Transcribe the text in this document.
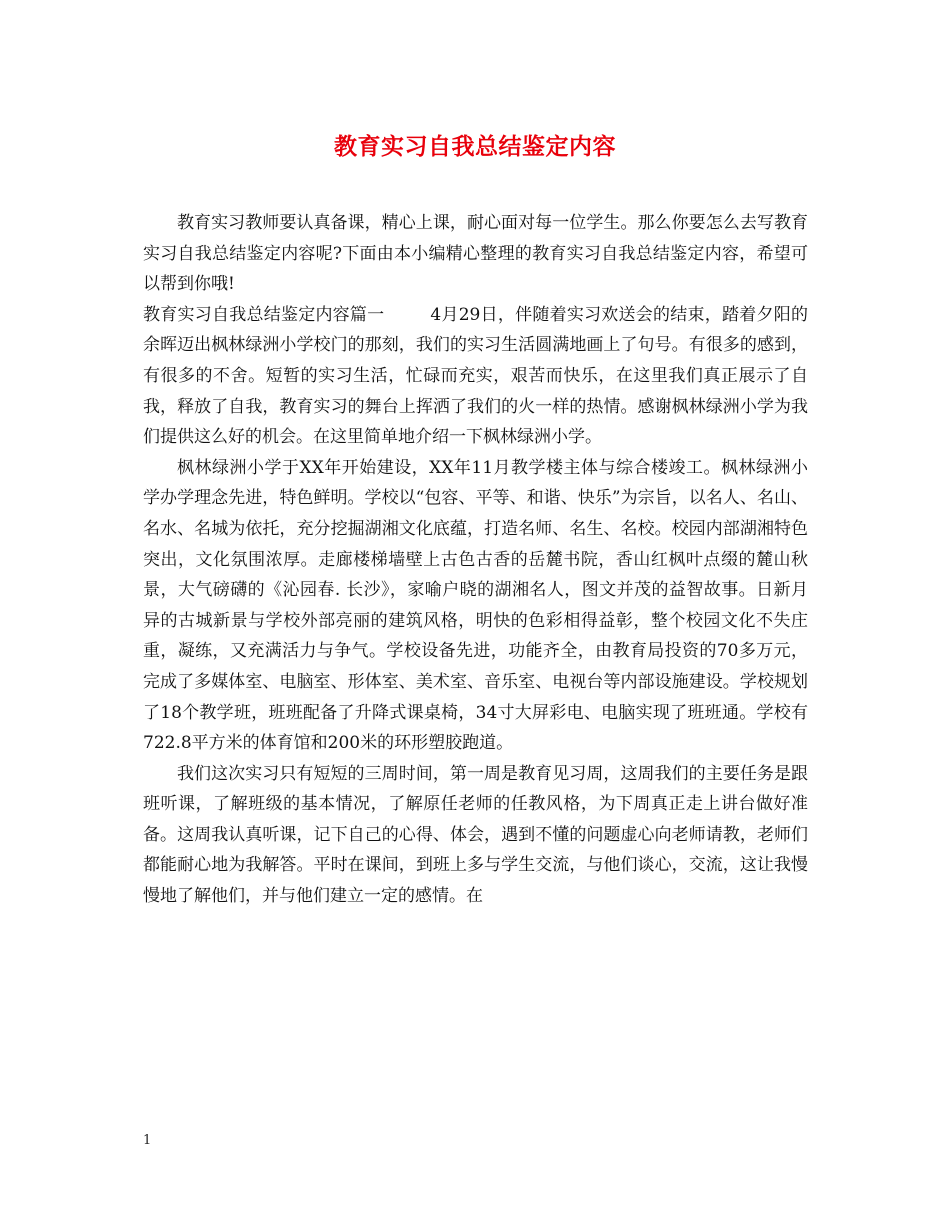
教育实习自我总结鉴定内容

教育实习教师要认真备课，精心上课，耐心面对每一位学生。那么你要怎么去写教育实习自我总结鉴定内容呢?下面由本小编精心整理的教育实习自我总结鉴定内容，希望可以帮到你哦!

教育实习自我总结鉴定内容篇一	4月29日，伴随着实习欢送会的结束，踏着夕阳的余晖迈出枫林绿洲小学校门的那刻，我们的实习生活圆满地画上了句号。有很多的感到，有很多的不舍。短暂的实习生活，忙碌而充实，艰苦而快乐，在这里我们真正展示了自我，释放了自我，教育实习的舞台上挥洒了我们的火一样的热情。感谢枫林绿洲小学为我们提供这么好的机会。在这里简单地介绍一下枫林绿洲小学。

枫林绿洲小学于XX年开始建设，XX年11月教学楼主体与综合楼竣工。枫林绿洲小学办学理念先进，特色鲜明。学校以“包容、平等、和谐、快乐”为宗旨，以名人、名山、名水、名城为依托，充分挖掘湖湘文化底蕴，打造名师、名生、名校。校园内部湖湘特色突出，文化氛围浓厚。走廊楼梯墙壁上古色古香的岳麓书院，香山红枫叶点缀的麓山秋景，大气磅礴的《沁园春. 长沙》，家喻户晓的湖湘名人，图文并茂的益智故事。日新月异的古城新景与学校外部亮丽的建筑风格，明快的色彩相得益彰，整个校园文化不失庄重，凝练，又充满活力与争气。学校设备先进，功能齐全，由教育局投资的70多万元，完成了多媒体室、电脑室、形体室、美术室、音乐室、电视台等内部设施建设。学校规划了18个教学班，班班配备了升降式课桌椅，34寸大屏彩电、电脑实现了班班通。学校有722.8平方米的体育馆和200米的环形塑胶跑道。

我们这次实习只有短短的三周时间，第一周是教育见习周，这周我们的主要任务是跟班听课，了解班级的基本情况，了解原任老师的任教风格，为下周真正走上讲台做好准备。这周我认真听课，记下自己的心得、体会，遇到不懂的问题虚心向老师请教，老师们都能耐心地为我解答。平时在课间，到班上多与学生交流，与他们谈心，交流，这让我慢慢地了解他们，并与他们建立一定的感情。在

1
